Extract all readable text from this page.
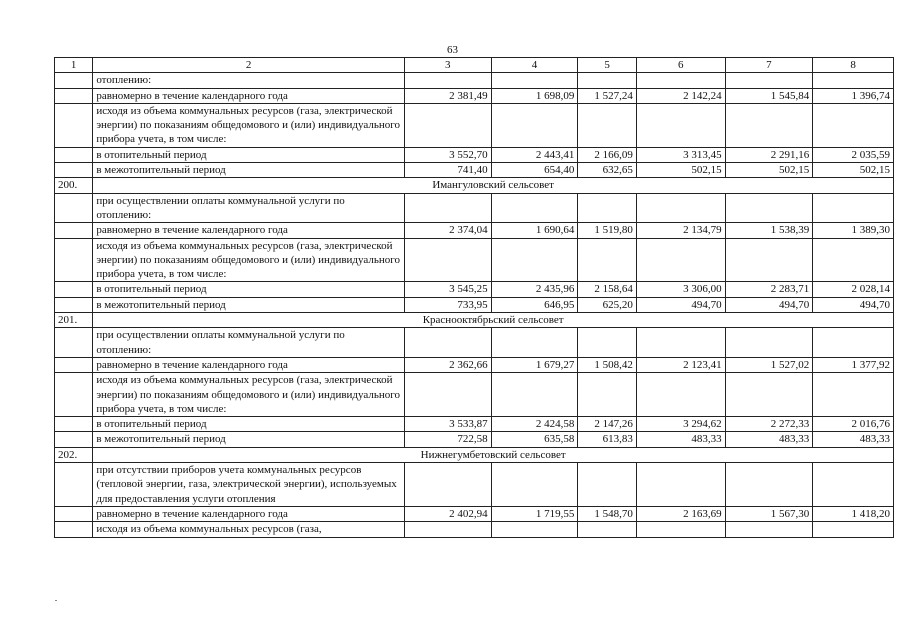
63
1	2	3	4	5	6	7	8
	отоплению:						
	равномерно в течение календарного года	2 381,49	1 698,09	1 527,24	2 142,24	1 545,84	1 396,74
	исходя из объема коммунальных ресурсов (газа, электрической энергии) по показаниям общедомового и (или) индивидуального прибора учета, в том числе:						
	в отопительный период	3 552,70	2 443,41	2 166,09	3 313,45	2 291,16	2 035,59
	в межотопительный период	741,40	654,40	632,65	502,15	502,15	502,15
200.	Имангуловский сельсовет						
	при осуществлении оплаты коммунальной услуги по отоплению:						
	равномерно в течение календарного года	2 374,04	1 690,64	1 519,80	2 134,79	1 538,39	1 389,30
	исходя из объема коммунальных ресурсов (газа, электрической энергии) по показаниям общедомового и (или) индивидуального прибора учета, в том числе:						
	в отопительный период	3 545,25	2 435,96	2 158,64	3 306,00	2 283,71	2 028,14
	в межотопительный период	733,95	646,95	625,20	494,70	494,70	494,70
201.	Краснооктябрьский сельсовет						
	при осуществлении оплаты коммунальной услуги по отоплению:						
	равномерно в течение календарного года	2 362,66	1 679,27	1 508,42	2 123,41	1 527,02	1 377,92
	исходя из объема коммунальных ресурсов (газа, электрической энергии) по показаниям общедомового и (или) индивидуального прибора учета, в том числе:						
	в отопительный период	3 533,87	2 424,58	2 147,26	3 294,62	2 272,33	2 016,76
	в межотопительный период	722,58	635,58	613,83	483,33	483,33	483,33
202.	Нижнегумбетовский сельсовет						
	при отсутствии приборов учета коммунальных ресурсов (тепловой энергии, газа, электрической энергии), используемых для предоставления услуги отопления						
	равномерно в течение календарного года	2 402,94	1 719,55	1 548,70	2 163,69	1 567,30	1 418,20
	исходя из объема коммунальных ресурсов (газа,						
